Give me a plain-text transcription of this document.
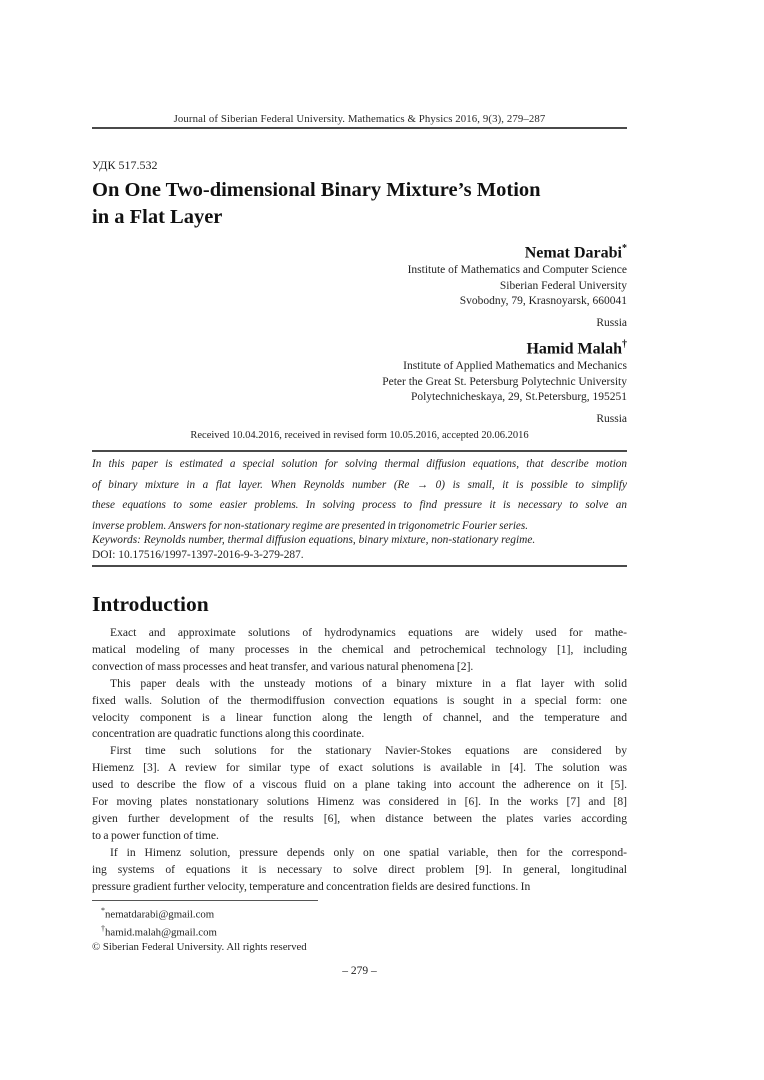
Journal of Siberian Federal University. Mathematics & Physics 2016, 9(3), 279–287
УДК 517.532
On One Two-dimensional Binary Mixture’s Motion
in a Flat Layer
Nemat Darabi*
Institute of Mathematics and Computer Science
Siberian Federal University
Svobodny, 79, Krasnoyarsk, 660041
Russia
Hamid Malah†
Institute of Applied Mathematics and Mechanics
Peter the Great St. Petersburg Polytechnic University
Polytechnicheskaya, 29, St.Petersburg, 195251
Russia
Received 10.04.2016, received in revised form 10.05.2016, accepted 20.06.2016
In this paper is estimated a special solution for solving thermal diffusion equations, that describe motion
of binary mixture in a flat layer. When Reynolds number (Re → 0) is small, it is possible to simplify
these equations to some easier problems. In solving process to find pressure it is necessary to solve an
inverse problem. Answers for non-stationary regime are presented in trigonometric Fourier series.
Keywords: Reynolds number, thermal diffusion equations, binary mixture, non-stationary regime.
DOI: 10.17516/1997-1397-2016-9-3-279-287.
Introduction
Exact and approximate solutions of hydrodynamics equations are widely used for mathe-
matical modeling of many processes in the chemical and petrochemical technology [1], including
convection of mass processes and heat transfer, and various natural phenomena [2].
This paper deals with the unsteady motions of a binary mixture in a flat layer with solid
fixed walls. Solution of the thermodiffusion convection equations is sought in a special form: one
velocity component is a linear function along the length of channel, and the temperature and
concentration are quadratic functions along this coordinate.
First time such solutions for the stationary Navier-Stokes equations are considered by
Hiemenz [3]. A review for similar type of exact solutions is available in [4]. The solution was
used to describe the flow of a viscous fluid on a plane taking into account the adherence on it [5].
For moving plates nonstationary solutions Himenz was considered in [6]. In the works [7] and [8]
given further development of the results [6], when distance between the plates varies according
to a power function of time.
If in Himenz solution, pressure depends only on one spatial variable, then for the correspond-
ing systems of equations it is necessary to solve direct problem [9]. In general, longitudinal
pressure gradient further velocity, temperature and concentration fields are desired functions. In
*nematdarabi@gmail.com
†hamid.malah@gmail.com
© Siberian Federal University. All rights reserved
– 279 –
